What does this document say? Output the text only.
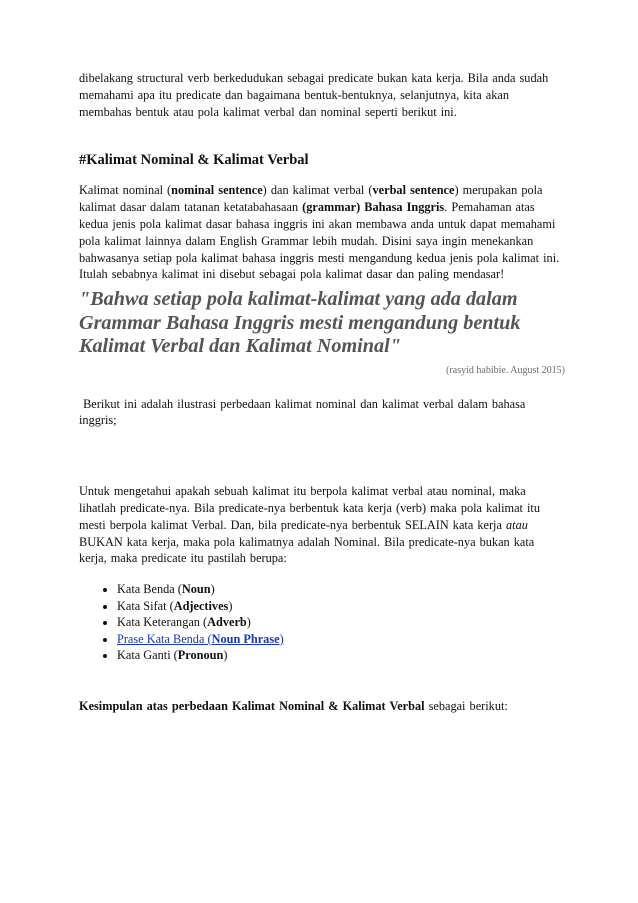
dibelakang structural verb berkedudukan sebagai predicate bukan kata kerja. Bila anda sudah memahami apa itu predicate dan bagaimana bentuk-bentuknya, selanjutnya, kita akan membahas bentuk atau pola kalimat verbal dan nominal seperti berikut ini.

#Kalimat Nominal & Kalimat Verbal

Kalimat nominal (nominal sentence) dan kalimat verbal (verbal sentence) merupakan pola kalimat dasar dalam tatanan ketatabahasaan (grammar) Bahasa Inggris. Pemahaman atas kedua jenis pola kalimat dasar bahasa inggris ini akan membawa anda untuk dapat memahami pola kalimat lainnya dalam English Grammar lebih mudah. Disini saya ingin menekankan bahwasanya setiap pola kalimat bahasa inggris mesti mengandung kedua jenis pola kalimat ini. Itulah sebabnya kalimat ini disebut sebagai pola kalimat dasar dan paling mendasar!

"Bahwa setiap pola kalimat-kalimat yang ada dalam Grammar Bahasa Inggris mesti mengandung bentuk Kalimat Verbal dan Kalimat Nominal"
(rasyid habibie. August 2015)

Berikut ini adalah ilustrasi perbedaan kalimat nominal dan kalimat verbal dalam bahasa inggris;

Untuk mengetahui apakah sebuah kalimat itu berpola kalimat verbal atau nominal, maka lihatlah predicate-nya. Bila predicate-nya berbentuk kata kerja (verb) maka pola kalimat itu mesti berpola kalimat Verbal. Dan, bila predicate-nya berbentuk SELAIN kata kerja atau BUKAN kata kerja, maka pola kalimatnya adalah Nominal. Bila predicate-nya bukan kata kerja, maka predicate itu pastilah berupa:

• Kata Benda (Noun)
• Kata Sifat (Adjectives)
• Kata Keterangan (Adverb)
• Prase Kata Benda (Noun Phrase)
• Kata Ganti (Pronoun)

Kesimpulan atas perbedaan Kalimat Nominal & Kalimat Verbal sebagai berikut:
